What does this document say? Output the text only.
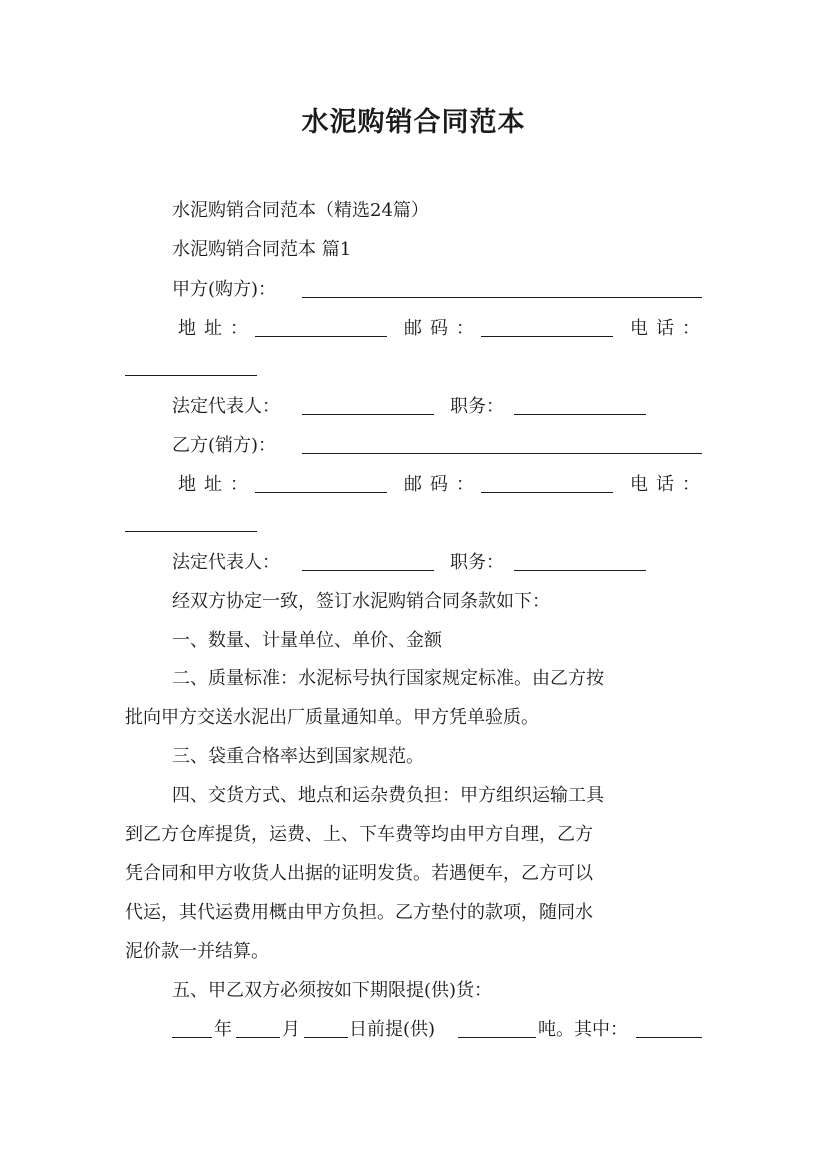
水泥购销合同范本
水泥购销合同范本（精选24篇）
水泥购销合同范本 篇1
甲方(购方)：
地址：	邮码：	电话：
法定代表人：	职务：
乙方(销方)：
地址：	邮码：	电话：
法定代表人：	职务：
经双方协定一致，签订水泥购销合同条款如下：
一、数量、计量单位、单价、金额
二、质量标准：水泥标号执行国家规定标准。由乙方按
批向甲方交送水泥出厂质量通知单。甲方凭单验质。
三、袋重合格率达到国家规范。
四、交货方式、地点和运杂费负担：甲方组织运输工具
到乙方仓库提货，运费、上、下车费等均由甲方自理，乙方
凭合同和甲方收货人出据的证明发货。若遇便车，乙方可以
代运，其代运费用概由甲方负担。乙方垫付的款项，随同水
泥价款一并结算。
五、甲乙双方必须按如下期限提(供)货：
年	月	日前提(供)	吨。其中：
